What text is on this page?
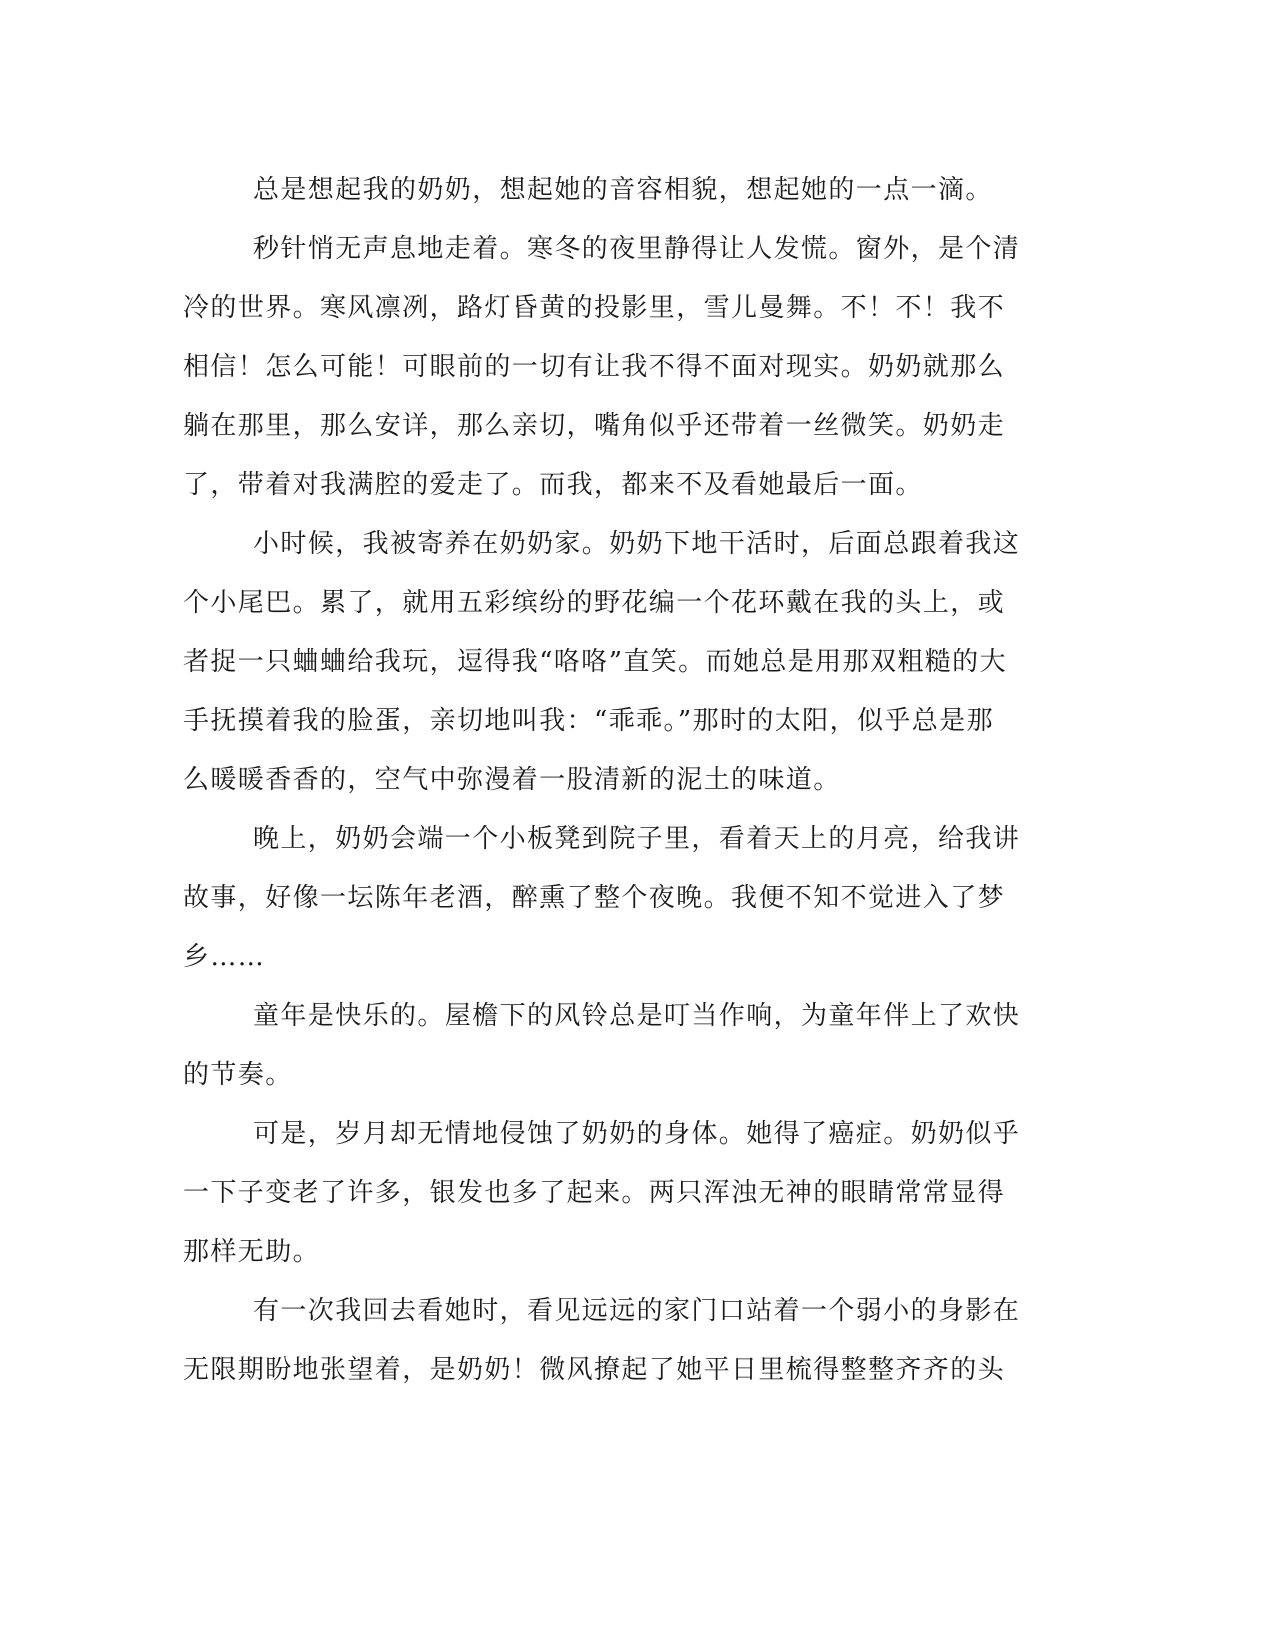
总是想起我的奶奶，想起她的音容相貌，想起她的一点一滴。
秒针悄无声息地走着。寒冬的夜里静得让人发慌。窗外，是个清
冷的世界。寒风凛冽，路灯昏黄的投影里，雪儿曼舞。不！不！我不
相信！怎么可能！可眼前的一切有让我不得不面对现实。奶奶就那么
躺在那里，那么安详，那么亲切，嘴角似乎还带着一丝微笑。奶奶走
了，带着对我满腔的爱走了。而我，都来不及看她最后一面。
小时候，我被寄养在奶奶家。奶奶下地干活时，后面总跟着我这
个小尾巴。累了，就用五彩缤纷的野花编一个花环戴在我的头上，或
者捉一只蛐蛐给我玩，逗得我“咯咯”直笑。而她总是用那双粗糙的大
手抚摸着我的脸蛋，亲切地叫我：“乖乖。”那时的太阳，似乎总是那
么暖暖香香的，空气中弥漫着一股清新的泥土的味道。
晚上，奶奶会端一个小板凳到院子里，看着天上的月亮，给我讲
故事，好像一坛陈年老酒，醉熏了整个夜晚。我便不知不觉进入了梦
乡……
童年是快乐的。屋檐下的风铃总是叮当作响，为童年伴上了欢快
的节奏。
可是，岁月却无情地侵蚀了奶奶的身体。她得了癌症。奶奶似乎
一下子变老了许多，银发也多了起来。两只浑浊无神的眼睛常常显得
那样无助。
有一次我回去看她时，看见远远的家门口站着一个弱小的身影在
无限期盼地张望着，是奶奶！微风撩起了她平日里梳得整整齐齐的头
